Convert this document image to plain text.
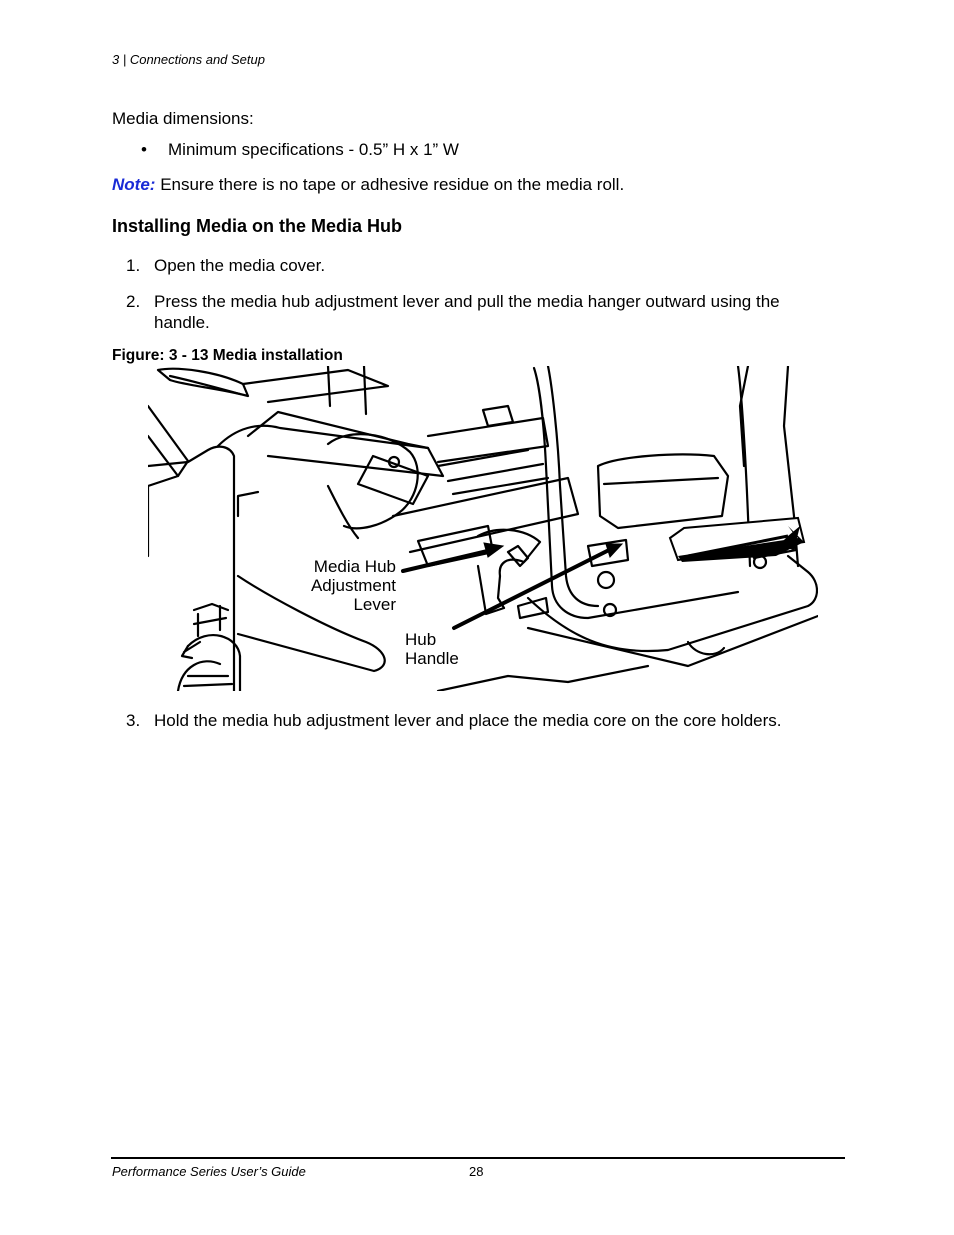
3 | Connections and Setup
Media dimensions:
• Minimum specifications - 0.5” H x 1” W
Note: Ensure there is no tape or adhesive residue on the media roll.
Installing Media on the Media Hub
1. Open the media cover.
2. Press the media hub adjustment lever and pull the media hanger outward using the
handle.
Figure: 3 - 13 Media installation
Media Hub
Adjustment
Lever
Hub
Handle
3. Hold the media hub adjustment lever and place the media core on the core holders.
Performance Series User’s Guide	28
